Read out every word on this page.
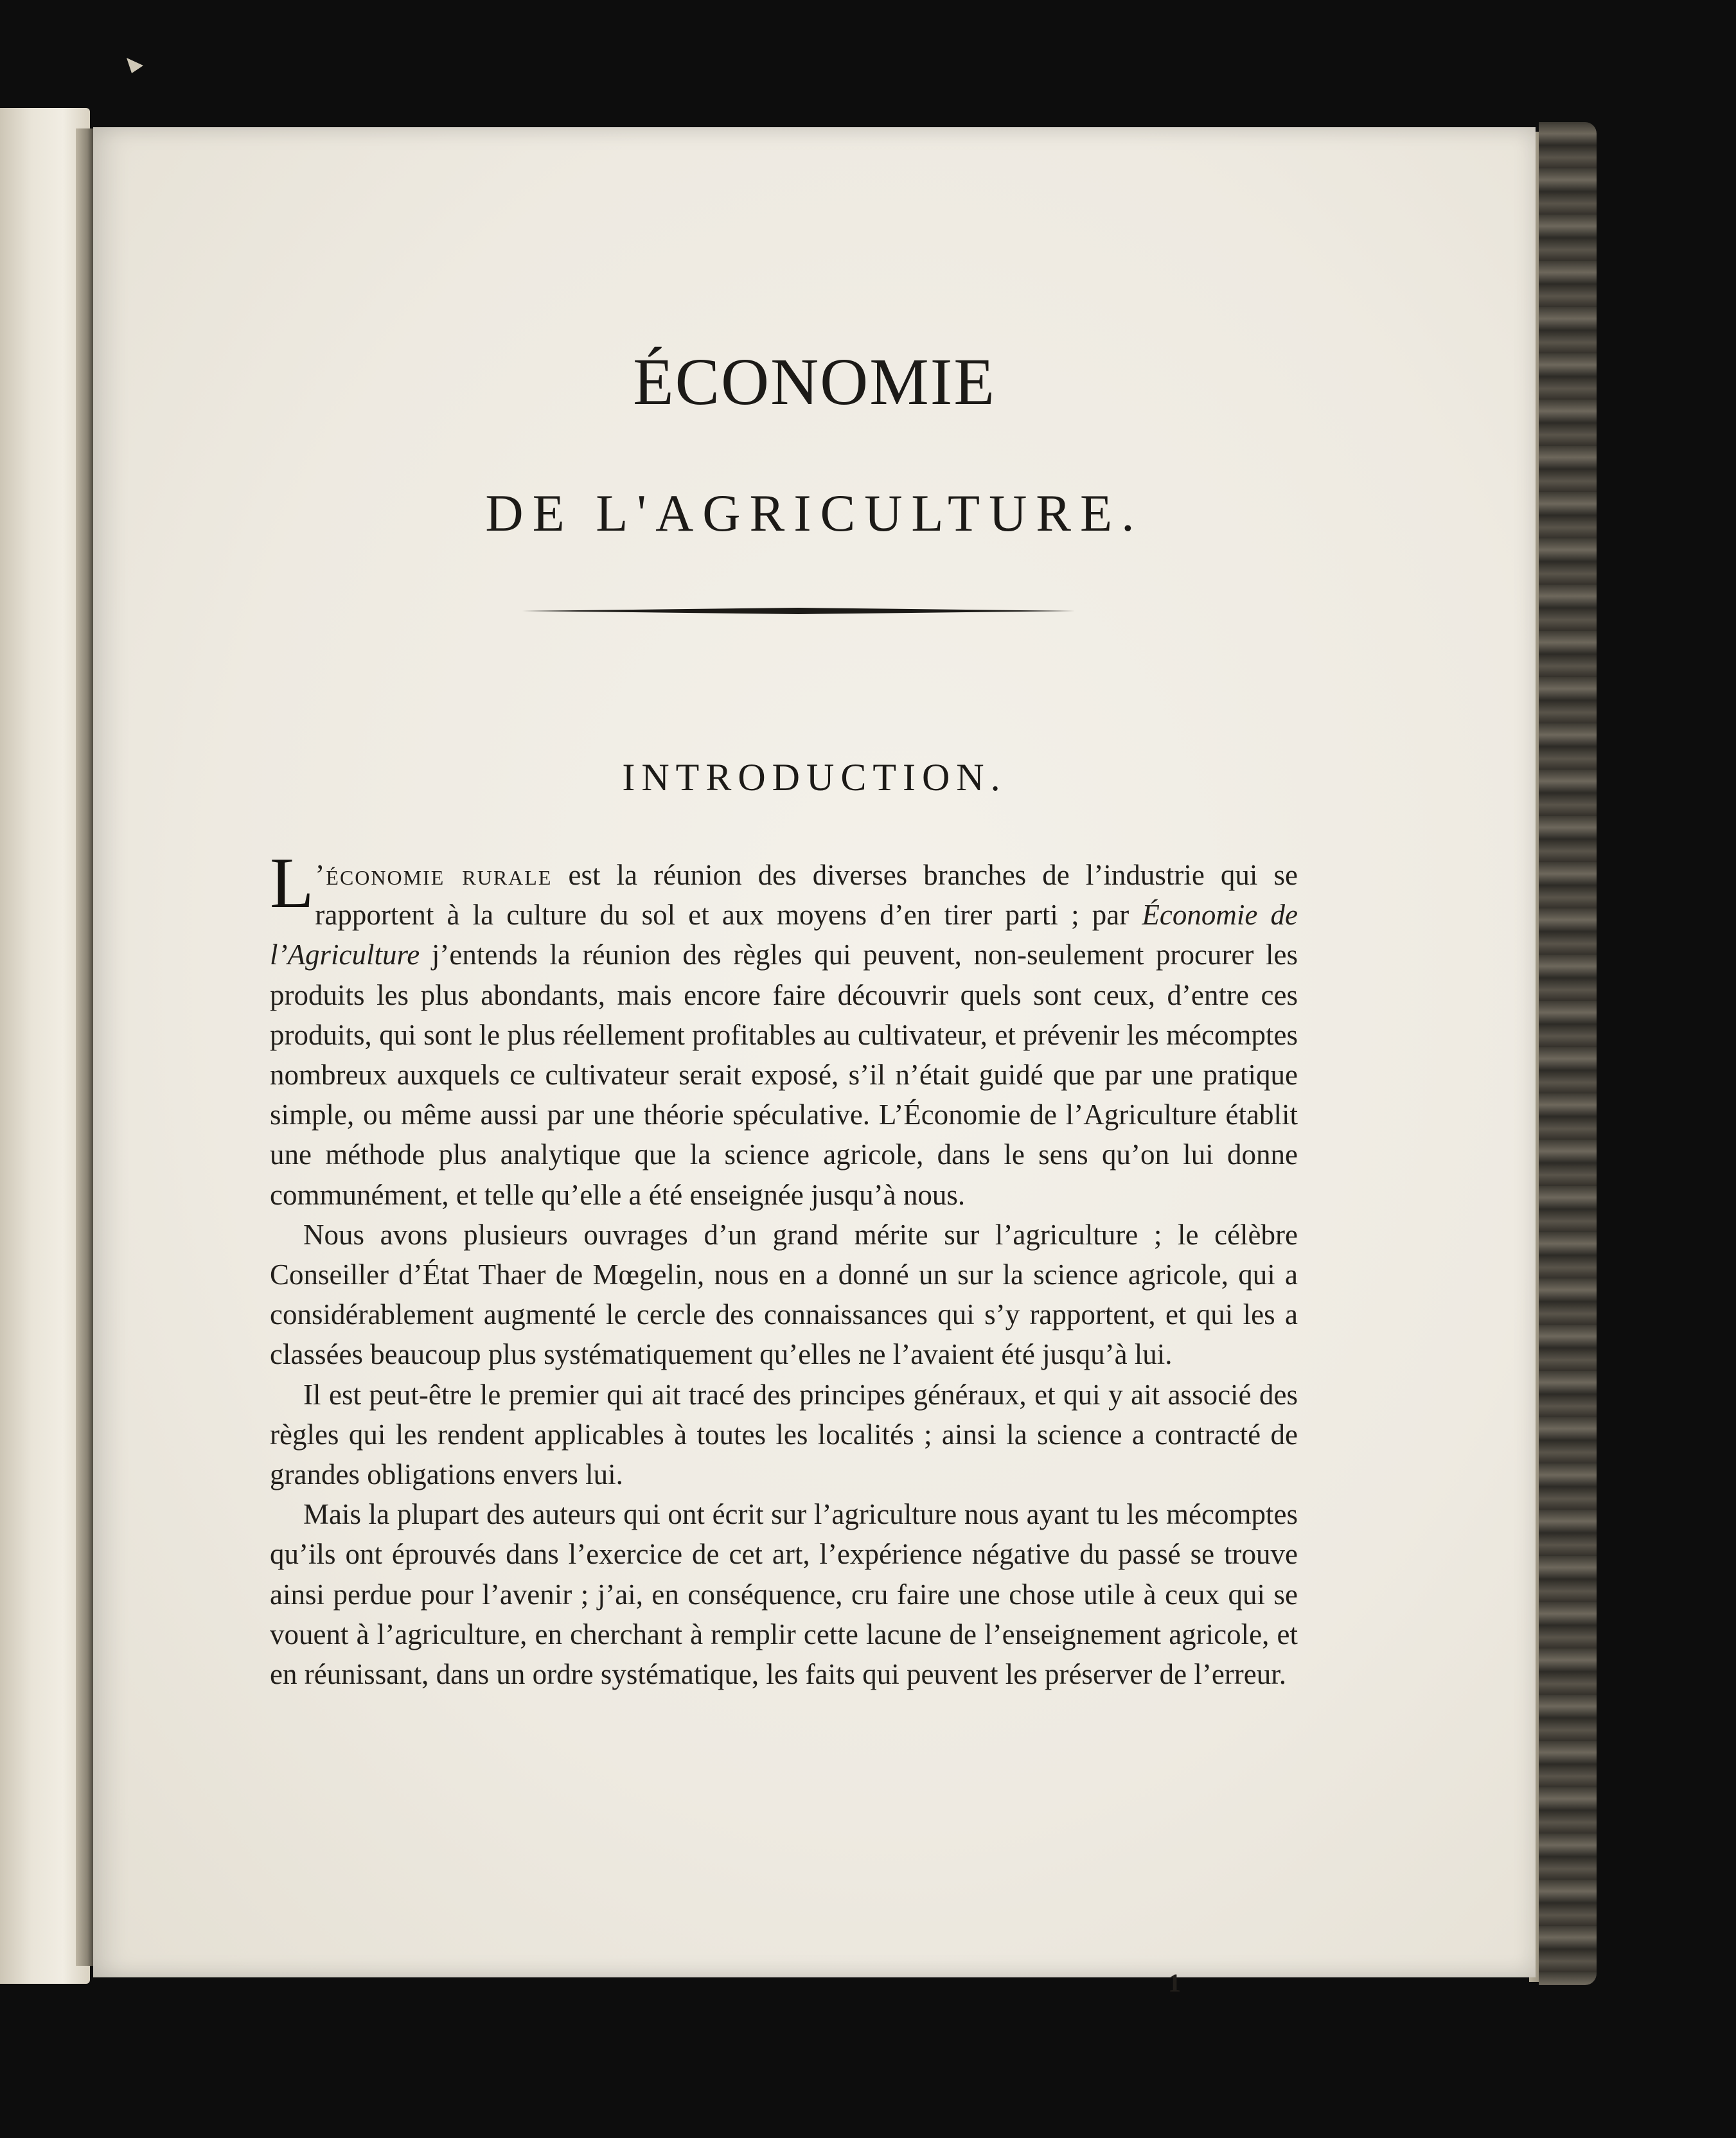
ÉCONOMIE
DE L'AGRICULTURE.
INTRODUCTION.

L ’économie rurale est la réunion des diverses branches de l’industrie qui se rapportent à la culture du sol et aux moyens d’en tirer parti ; par Économie de l’Agriculture j’entends la réunion des règles qui peuvent, non-seulement procurer les produits les plus abondants, mais encore faire découvrir quels sont ceux, d’entre ces produits, qui sont le plus réellement profitables au cultivateur, et prévenir les mécomptes nombreux auxquels ce cultivateur serait exposé, s’il n’était guidé que par une pratique simple, ou même aussi par une théorie spéculative. L’Économie de l’Agriculture établit une méthode plus analytique que la science agricole, dans le sens qu’on lui donne communément, et telle qu’elle a été enseignée jusqu’à nous.

Nous avons plusieurs ouvrages d’un grand mérite sur l’agriculture ; le célèbre Conseiller d’État Thaer de Mœgelin, nous en a donné un sur la science agricole, qui a considérablement augmenté le cercle des connaissances qui s’y rapportent, et qui les a classées beaucoup plus systématiquement qu’elles ne l’avaient été jusqu’à lui.

Il est peut-être le premier qui ait tracé des principes généraux, et qui y ait associé des règles qui les rendent applicables à toutes les localités ; ainsi la science a contracté de grandes obligations envers lui.

Mais la plupart des auteurs qui ont écrit sur l’agriculture nous ayant tu les mécomptes qu’ils ont éprouvés dans l’exercice de cet art, l’expérience négative du passé se trouve ainsi perdue pour l’avenir ; j’ai, en conséquence, cru faire une chose utile à ceux qui se vouent à l’agriculture, en cherchant à remplir cette lacune de l’enseignement agricole, et en réunissant, dans un ordre systématique, les faits qui peuvent les préserver de l’erreur.

1
